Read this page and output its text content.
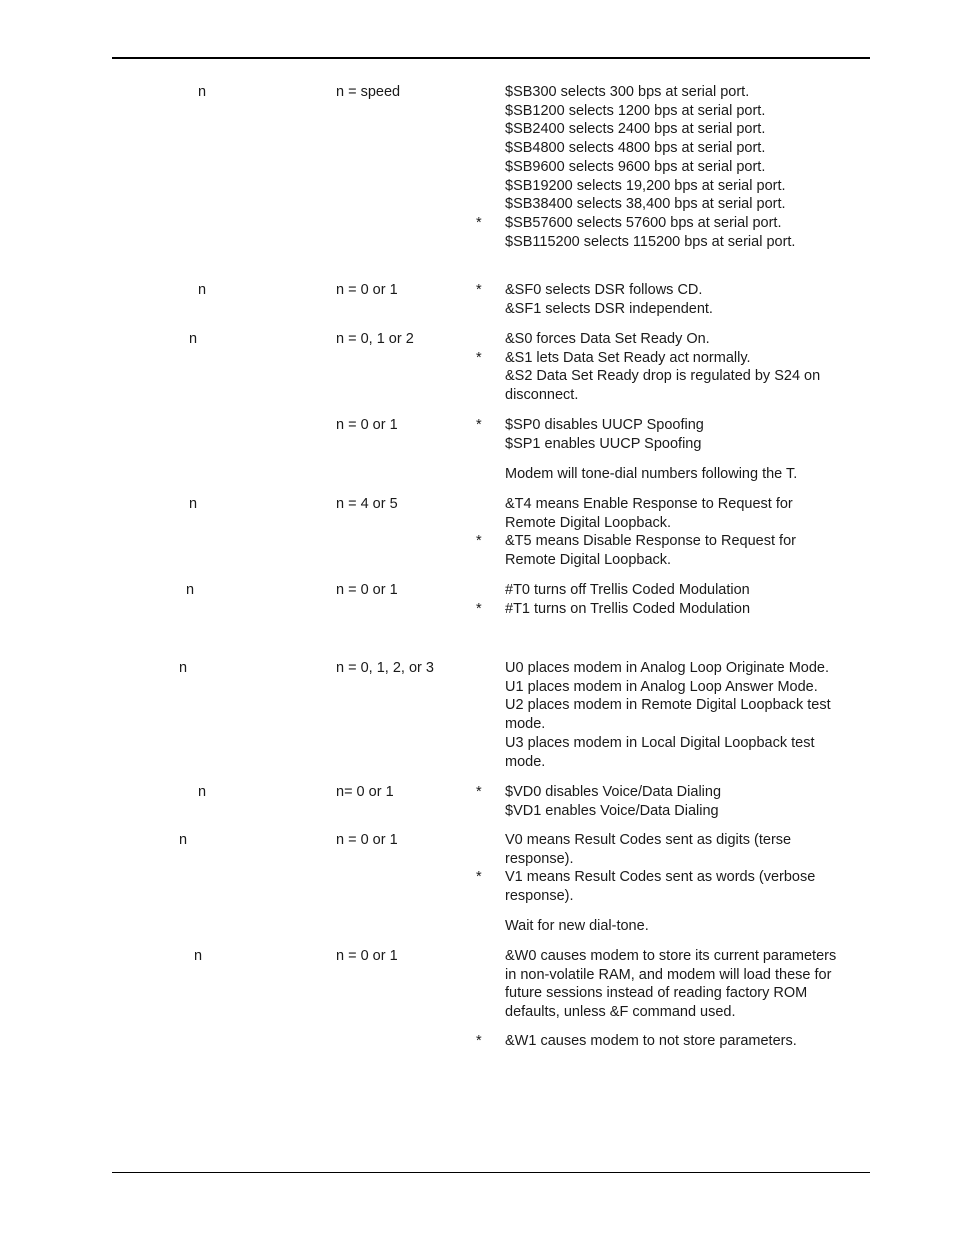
n	n = speed	$SB300 selects 300 bps at serial port.
$SB1200 selects 1200 bps at serial port.
$SB2400 selects 2400 bps at serial port.
$SB4800 selects 4800 bps at serial port.
$SB9600 selects 9600 bps at serial port.
$SB19200 selects 19,200 bps at serial port.
$SB38400 selects 38,400 bps at serial port.
* $SB57600 selects 57600 bps at serial port.
$SB115200 selects 115200 bps at serial port.
n	n = 0 or 1	* &SF0 selects DSR follows CD.
&SF1 selects DSR independent.
n	n = 0, 1 or 2	&S0 forces Data Set Ready On.
* &S1 lets Data Set Ready act normally.
&S2 Data Set Ready drop is regulated by S24 on
disconnect.
n = 0 or 1	* $SP0 disables UUCP Spoofing
$SP1 enables UUCP Spoofing
Modem will tone-dial numbers following the T.
n	n = 4 or 5	&T4 means Enable Response to Request for
Remote Digital Loopback.
* &T5 means Disable Response to Request for
Remote Digital Loopback.
n	n = 0 or 1	#T0 turns off Trellis Coded Modulation
* #T1 turns on Trellis Coded Modulation
n	n = 0, 1, 2, or 3	U0 places modem in Analog Loop Originate Mode.
U1 places modem in Analog Loop Answer Mode.
U2 places modem in Remote Digital Loopback test
mode.
U3 places modem in Local Digital Loopback test
mode.
n	n= 0 or 1	* $VD0 disables Voice/Data Dialing
$VD1 enables Voice/Data Dialing
n	n = 0 or 1	V0 means Result Codes sent as digits (terse
response).
* V1 means Result Codes sent as words (verbose
response).
Wait for new dial-tone.
n	n = 0 or 1	&W0 causes modem to store its current parameters
in non-volatile RAM, and modem will load these for
future sessions instead of reading factory ROM
defaults, unless &F command used.
* &W1 causes modem to not store parameters.
